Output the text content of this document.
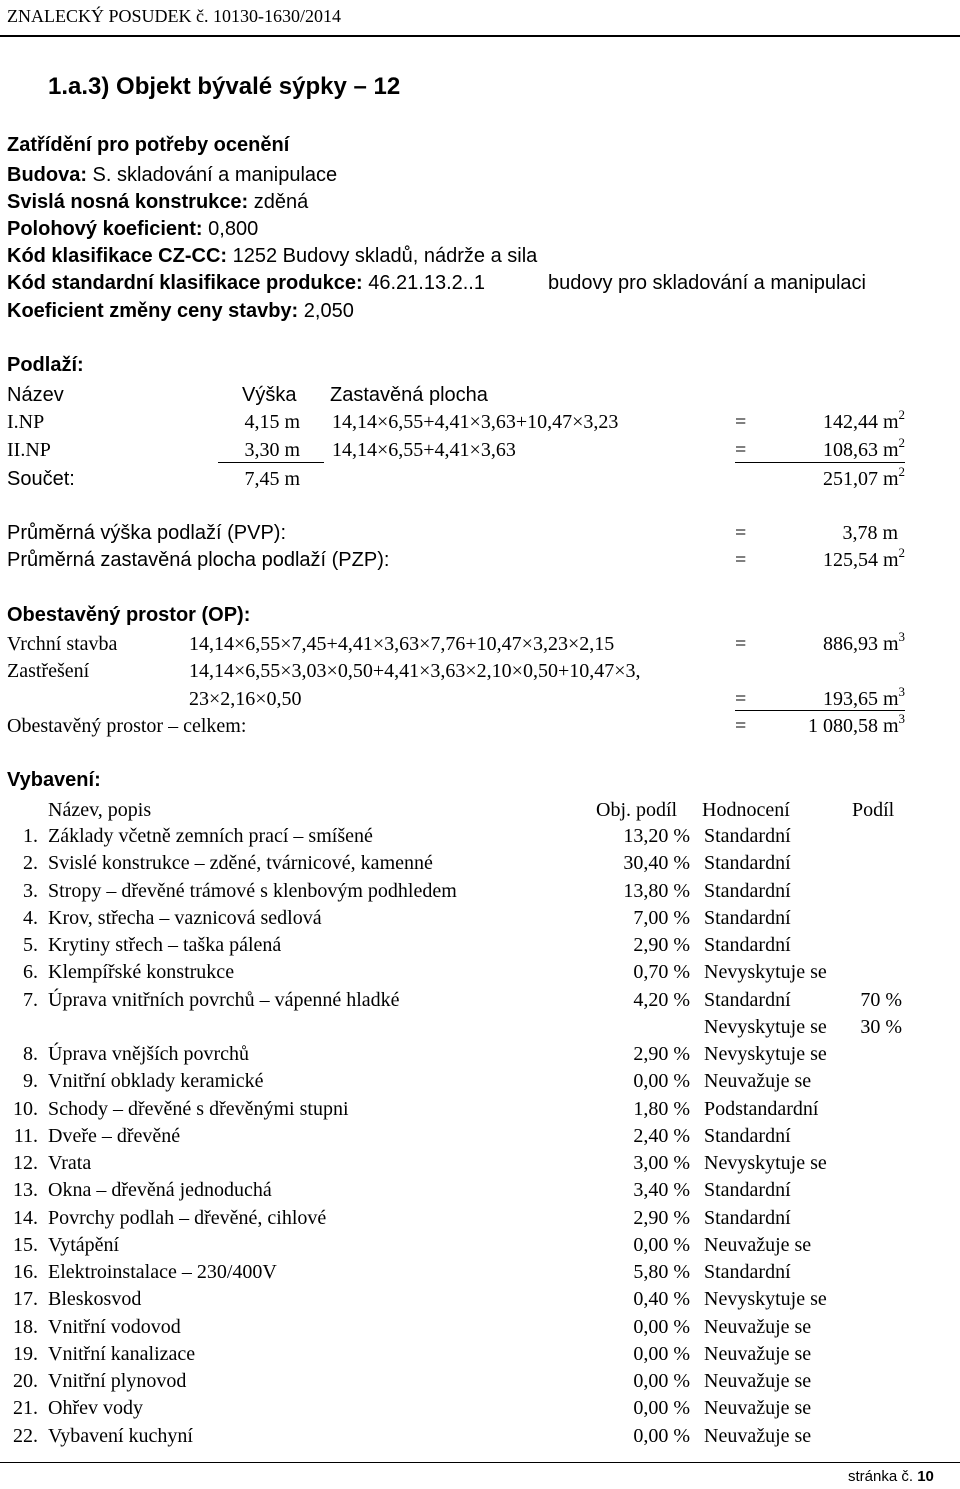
ZNALECKÝ POSUDEK č. 10130-1630/2014
1.a.3) Objekt bývalé sýpky – 12
Zatřídění pro potřeby ocenění
Budova: S. skladování a manipulace
Svislá nosná konstrukce: zděná
Polohový koeficient: 0,800
Kód klasifikace CZ-CC: 1252 Budovy skladů, nádrže a sila
Kód standardní klasifikace produkce: 46.21.13.2..1	budovy pro skladování a manipulaci
Koeficient změny ceny stavby: 2,050
Podlaží:
Název	Výška Zastavěná plocha
I.NP	4,15 m 14,14×6,55+4,41×3,63+10,47×3,23	=	142,44 $m^2$
II.NP	3,30 m 14,14×6,55+4,41×3,63	=	108,63 $m^2$
Součet:	7,45 m	251,07 $m^2$
Průměrná výška podlaží (PVP):	=	3,78 m
Průměrná zastavěná plocha podlaží (PZP):	=	125,54 $m^2$
Obestavěný prostor (OP):
Vrchní stavba	14,14×6,55×7,45+4,41×3,63×7,76+10,47×3,23×2,15	=	886,93 $m^3$
Zastřešení	14,14×6,55×3,03×0,50+4,41×3,63×2,10×0,50+10,47×3,
23×2,16×0,50	=	193,65 $m^3$
Obestavěný prostor – celkem:	=	1 080,58 $m^3$
Vybavení:
Název, popis	Obj. podíl Hodnocení	Podíl
1. Základy včetně zemních prací – smíšené	13,20 % Standardní
2. Svislé konstrukce – zděné, tvárnicové, kamenné	30,40 % Standardní
3. Stropy – dřevěné trámové s klenbovým podhledem	13,80 % Standardní
4. Krov, střecha – vaznicová sedlová	7,00 % Standardní
5. Krytiny střech – taška pálená	2,90 % Standardní
6. Klempířské konstrukce	0,70 % Nevyskytuje se
7. Úprava vnitřních povrchů – vápenné hladké	4,20 % Standardní	70 %
Nevyskytuje se	30 %
8. Úprava vnějších povrchů	2,90 % Nevyskytuje se
9. Vnitřní obklady keramické	0,00 % Neuvažuje se
10. Schody – dřevěné s dřevěnými stupni	1,80 % Podstandardní
11. Dveře – dřevěné	2,40 % Standardní
12. Vrata	3,00 % Nevyskytuje se
13. Okna – dřevěná jednoduchá	3,40 % Standardní
14. Povrchy podlah – dřevěné, cihlové	2,90 % Standardní
15. Vytápění	0,00 % Neuvažuje se
16. Elektroinstalace – 230/400V	5,80 % Standardní
17. Bleskosvod	0,40 % Nevyskytuje se
18. Vnitřní vodovod	0,00 % Neuvažuje se
19. Vnitřní kanalizace	0,00 % Neuvažuje se
20. Vnitřní plynovod	0,00 % Neuvažuje se
21. Ohřev vody	0,00 % Neuvažuje se
22. Vybavení kuchyní	0,00 % Neuvažuje se
stránka č. 10
